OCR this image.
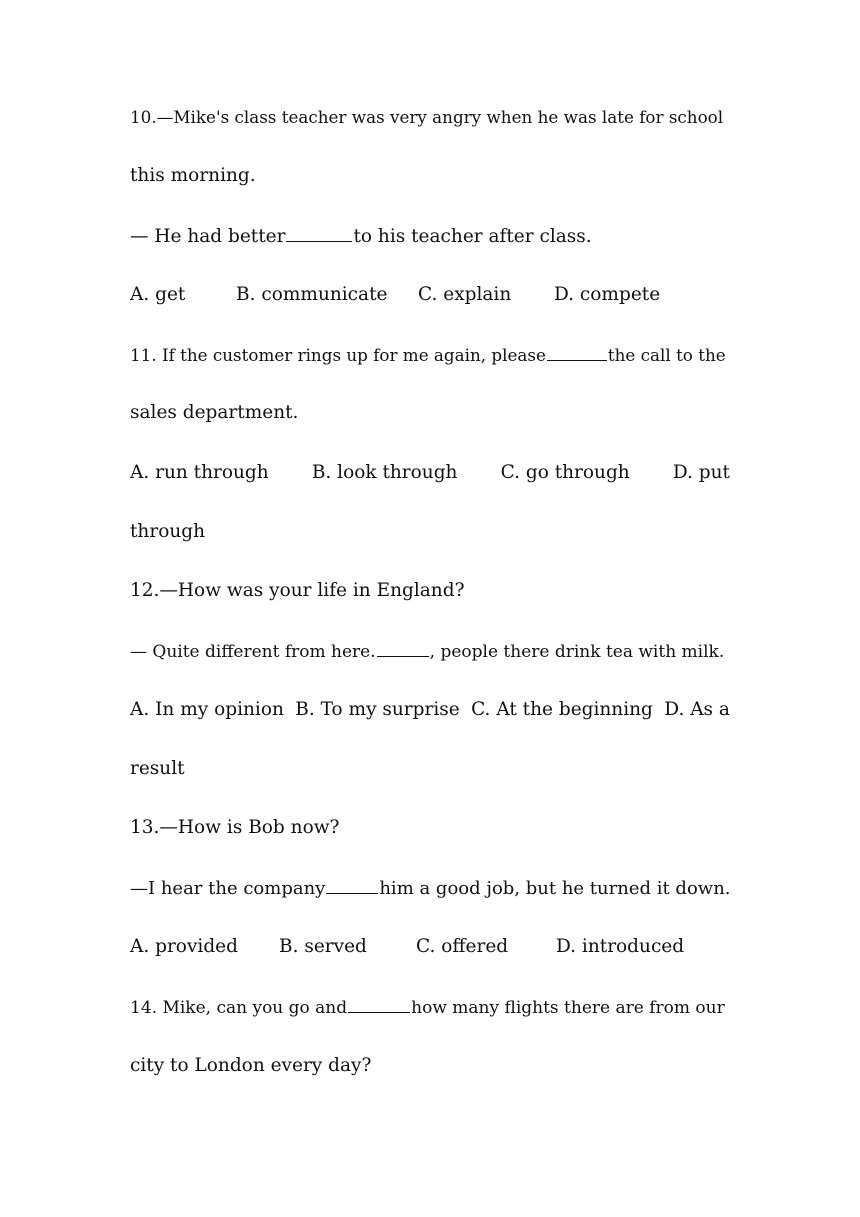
10.—Mike's class teacher was very angry when he was late for school
this morning.
— He had better	to his teacher after class.
A. get	B. communicate	C. explain	D. compete
11. If the customer rings up for me again, please	the call to the
sales department.
A. run through B. look through C. go through D. put
through
12.—How was your life in England?
— Quite different from here.	, people there drink tea with milk.
A. In my opinion B. To my surprise C. At the beginning D. As a
result
13.—How is Bob now?
—I hear the company	him a good job, but he turned it down.
A. provided	B. served	C. offered	D. introduced
14. Mike, can you go and	how many flights there are from our
city to London every day?
